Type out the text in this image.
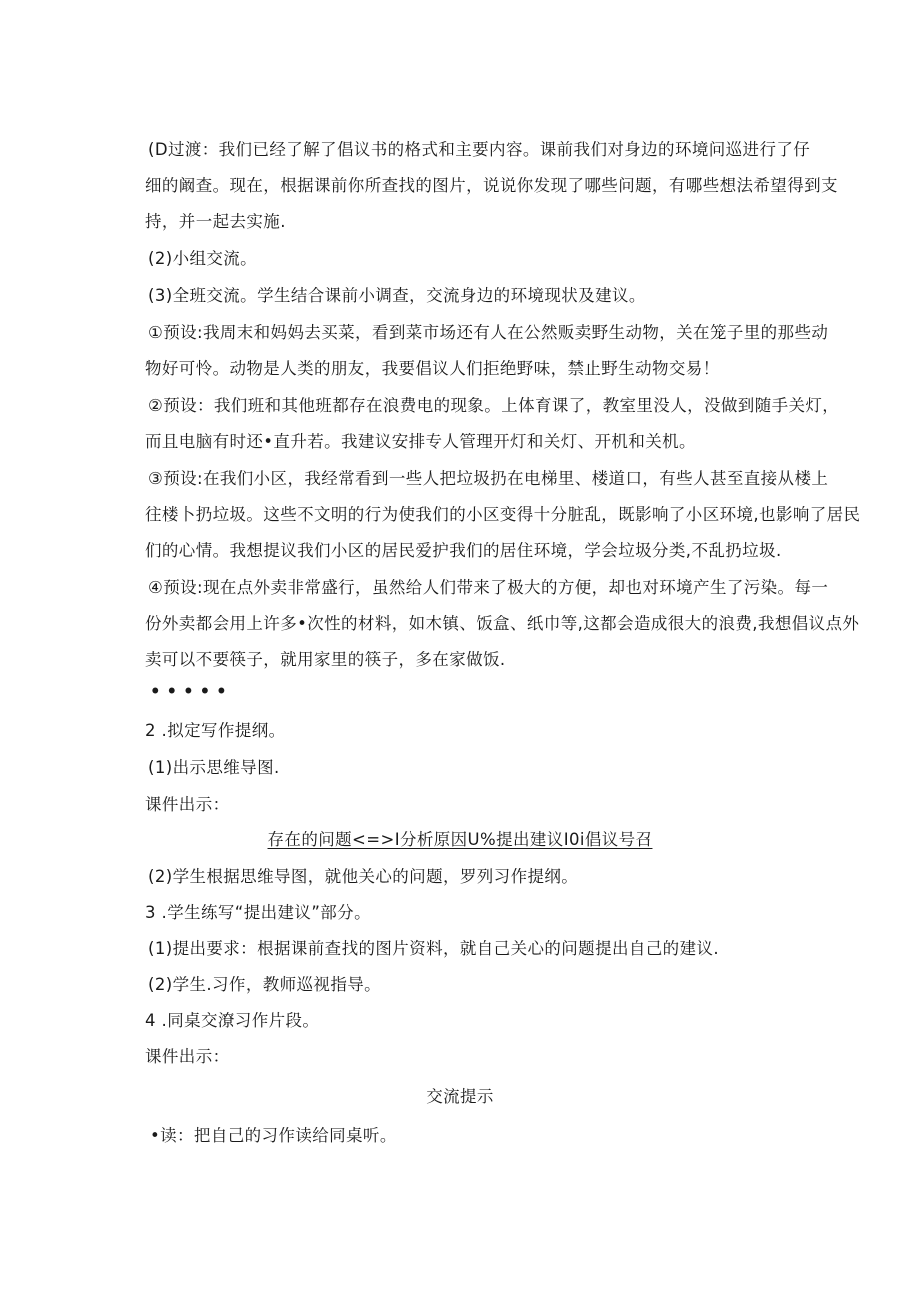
(D过渡：我们已经了解了倡议书的格式和主要内容。课前我们对身边的环境问巡进行了仔
细的阚查。现在，根据课前你所查找的图片，说说你发现了哪些问题，有哪些想法希望得到支
持，并一起去实施.
(2)小组交流。
(3)全班交流。学生结合课前小调查，交流身边的环境现状及建议。
①预设:我周末和妈妈去买菜，看到菜市场还有人在公然贩卖野生动物，关在笼子里的那些动
物好可怜。动物是人类的朋友，我要倡议人们拒绝野味，禁止野生动物交易！
②预设：我们班和其他班都存在浪费电的现象。上体育课了，教室里没人，没做到随手关灯，
而且电脑有时还•直升若。我建议安排专人管理开灯和关灯、开机和关机。
③预设:在我们小区，我经常看到一些人把垃圾扔在电梯里、楼道口，有些人甚至直接从楼上
往楼卜扔垃圾。这些不文明的行为使我们的小区变得十分脏乱，既影响了小区环境,也影响了居民
们的心情。我想提议我们小区的居民爱护我们的居住环境，学会垃圾分类,不乱扔垃圾.
④预设:现在点外卖非常盛行，虽然给人们带来了极大的方便，却也对环境产生了污染。每一
份外卖都会用上许多•次性的材料，如木镇、饭盒、纸巾等,这都会造成很大的浪费,我想倡议点外
卖可以不要筷子，就用家里的筷子，多在家做饭.
•••••
2 .拟定写作提纲。
(1)出示思维导图.
课件出示：
存在的问题<=>I分析原因U%提出建议I0i倡议号召
(2)学生根据思维导图，就他关心的问题，罗列习作提纲。
3 .学生练写“提出建议”部分。
(1)提出要求：根据课前查找的图片资料，就自己关心的问题提出自己的建议.
(2)学生.习作，教师巡视指导。
4 .同桌交潦习作片段。
课件出示：
交流提示
•读：把自己的习作读给同桌听。
